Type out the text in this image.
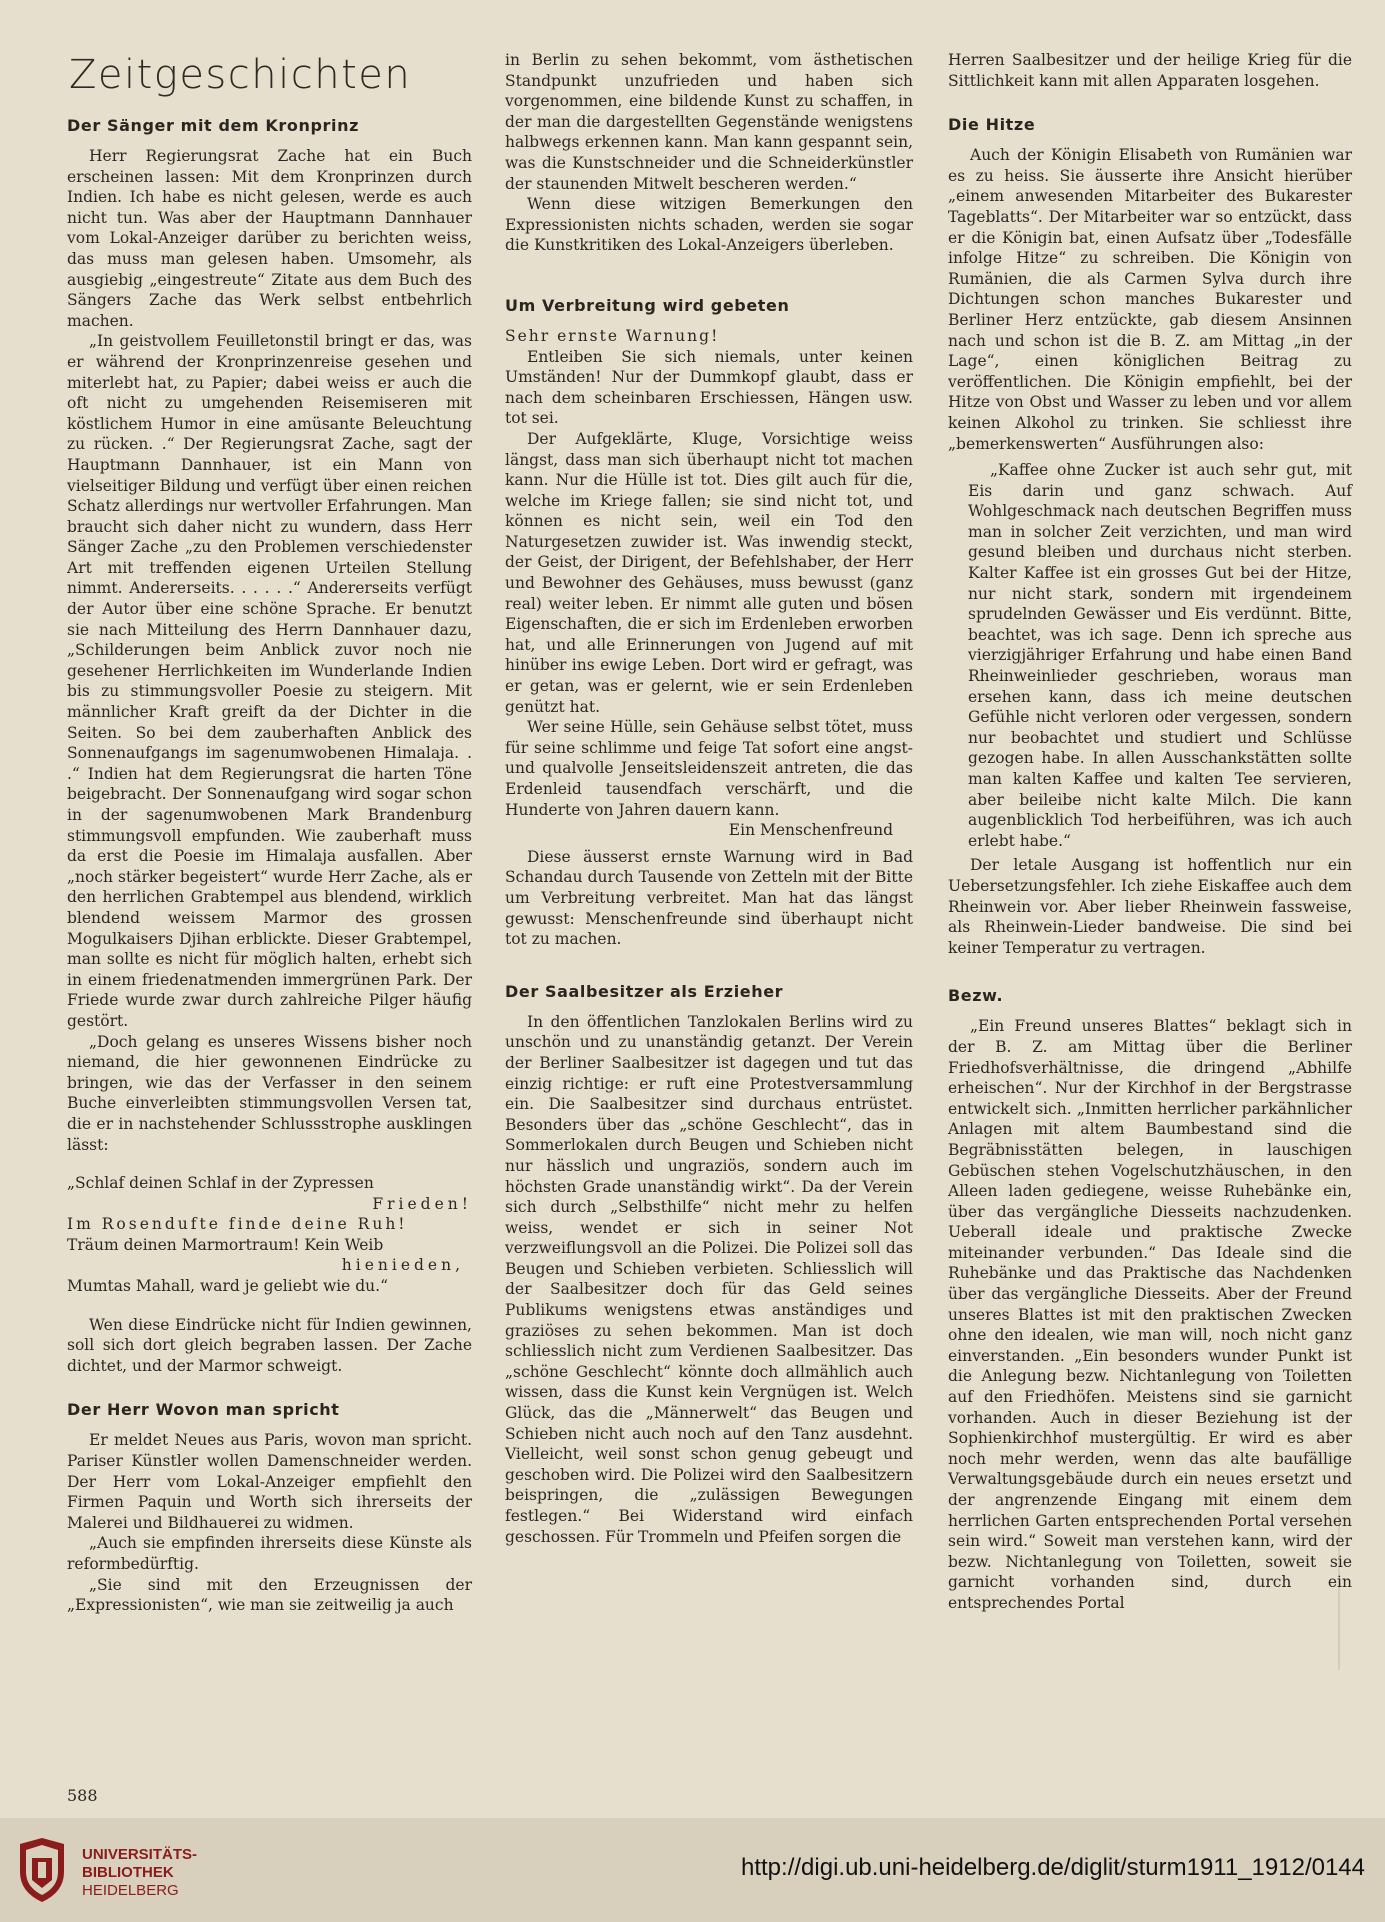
Zeitgeschichten
Der Sänger mit dem Kronprinz

Herr Regierungsrat Zache hat ein Buch erscheinen lassen: Mit dem Kronprinzen durch Indien. Ich habe es nicht gelesen, werde es auch nicht tun. Was aber der Hauptmann Dannhauer vom Lokal-Anzeiger darüber zu berichten weiss, das muss man gelesen haben. Umsomehr, als ausgiebig „eingestreute“ Zitate aus dem Buch des Sängers Zache das Werk selbst entbehrlich machen.

„In geistvollem Feuilletonstil bringt er das, was er während der Kronprinzenreise gesehen und miterlebt hat, zu Papier; dabei weiss er auch die oft nicht zu umgehenden Reisemiseren mit köstlichem Humor in eine amüsante Beleuchtung zu rücken. .“ Der Regierungsrat Zache, sagt der Hauptmann Dannhauer, ist ein Mann von vielseitiger Bildung und verfügt über einen reichen Schatz allerdings nur wertvoller Erfahrungen. Man braucht sich daher nicht zu wundern, dass Herr Sänger Zache „zu den Problemen verschiedenster Art mit treffenden eigenen Urteilen Stellung nimmt. Andererseits. . . . . .“ Andererseits verfügt der Autor über eine schöne Sprache. Er benutzt sie nach Mitteilung des Herrn Dannhauer dazu, „Schilderungen beim Anblick zuvor noch nie gesehener Herrlichkeiten im Wunderlande Indien bis zu stimmungsvoller Poesie zu steigern. Mit männlicher Kraft greift da der Dichter in die Seiten. So bei dem zauberhaften Anblick des Sonnenaufgangs im sagenumwobenen Himalaja. . .“ Indien hat dem Regierungsrat die harten Töne beigebracht. Der Sonnenaufgang wird sogar schon in der sagenumwobenen Mark Brandenburg stimmungsvoll empfunden. Wie zauberhaft muss da erst die Poesie im Himalaja ausfallen. Aber „noch stärker begeistert“ wurde Herr Zache, als er den herrlichen Grabtempel aus blendend, wirklich blendend weissem Marmor des grossen Mogulkaisers Djihan erblickte. Dieser Grabtempel, man sollte es nicht für möglich halten, erhebt sich in einem friedenatmenden immergrünen Park. Der Friede wurde zwar durch zahlreiche Pilger häufig gestört.

„Doch gelang es unseres Wissens bisher noch niemand, die hier gewonnenen Eindrücke zu bringen, wie das der Verfasser in den seinem Buche einverleibten stimmungsvollen Versen tat, die er in nachstehender Schlussstrophe ausklingen lässt:

„Schlaf deinen Schlaf in der Zypressen
Frieden!
Im Rosendufte finde deine Ruh!
Träum deinen Marmortraum! Kein Weib
hienieden,
Mumtas Mahall, ward je geliebt wie du.“

Wen diese Eindrücke nicht für Indien gewinnen, soll sich dort gleich begraben lassen. Der Zache dichtet, und der Marmor schweigt.

Der Herr Wovon man spricht

Er meldet Neues aus Paris, wovon man spricht. Pariser Künstler wollen Damenschneider werden. Der Herr vom Lokal-Anzeiger empfiehlt den Firmen Paquin und Worth sich ihrerseits der Malerei und Bildhauerei zu widmen.

„Auch sie empfinden ihrerseits diese Künste als reformbedürftig.

„Sie sind mit den Erzeugnissen der „Expressionisten“, wie man sie zeitweilig ja auch

in Berlin zu sehen bekommt, vom ästhetischen Standpunkt unzufrieden und haben sich vorgenommen, eine bildende Kunst zu schaffen, in der man die dargestellten Gegenstände wenigstens halbwegs erkennen kann. Man kann gespannt sein, was die Kunstschneider und die Schneiderkünstler der staunenden Mitwelt bescheren werden.“

Wenn diese witzigen Bemerkungen den Expressionisten nichts schaden, werden sie sogar die Kunstkritiken des Lokal-Anzeigers überleben.

Um Verbreitung wird gebeten

Sehr ernste Warnung!

Entleiben Sie sich niemals, unter keinen Umständen! Nur der Dummkopf glaubt, dass er nach dem scheinbaren Erschiessen, Hängen usw. tot sei.

Der Aufgeklärte, Kluge, Vorsichtige weiss längst, dass man sich überhaupt nicht tot machen kann. Nur die Hülle ist tot. Dies gilt auch für die, welche im Kriege fallen; sie sind nicht tot, und können es nicht sein, weil ein Tod den Naturgesetzen zuwider ist. Was inwendig steckt, der Geist, der Dirigent, der Befehlshaber, der Herr und Bewohner des Gehäuses, muss bewusst (ganz real) weiter leben. Er nimmt alle guten und bösen Eigenschaften, die er sich im Erdenleben erworben hat, und alle Erinnerungen von Jugend auf mit hinüber ins ewige Leben. Dort wird er gefragt, was er getan, was er gelernt, wie er sein Erdenleben genützt hat.

Wer seine Hülle, sein Gehäuse selbst tötet, muss für seine schlimme und feige Tat sofort eine angst- und qualvolle Jenseitsleidenszeit antreten, die das Erdenleid tausendfach verschärft, und die Hunderte von Jahren dauern kann.

Ein Menschenfreund

Diese äusserst ernste Warnung wird in Bad Schandau durch Tausende von Zetteln mit der Bitte um Verbreitung verbreitet. Man hat das längst gewusst: Menschenfreunde sind überhaupt nicht tot zu machen.

Der Saalbesitzer als Erzieher

In den öffentlichen Tanzlokalen Berlins wird zu unschön und zu unanständig getanzt. Der Verein der Berliner Saalbesitzer ist dagegen und tut das einzig richtige: er ruft eine Protestversammlung ein. Die Saalbesitzer sind durchaus entrüstet. Besonders über das „schöne Geschlecht“, das in Sommerlokalen durch Beugen und Schieben nicht nur hässlich und ungraziös, sondern auch im höchsten Grade unanständig wirkt“. Da der Verein sich durch „Selbsthilfe“ nicht mehr zu helfen weiss, wendet er sich in seiner Not verzweiflungsvoll an die Polizei. Die Polizei soll das Beugen und Schieben verbieten. Schliesslich will der Saalbesitzer doch für das Geld seines Publikums wenigstens etwas anständiges und graziöses zu sehen bekommen. Man ist doch schliesslich nicht zum Verdienen Saalbesitzer. Das „schöne Geschlecht“ könnte doch allmählich auch wissen, dass die Kunst kein Vergnügen ist. Welch Glück, das die „Männerwelt“ das Beugen und Schieben nicht auch noch auf den Tanz ausdehnt. Vielleicht, weil sonst schon genug gebeugt und geschoben wird. Die Polizei wird den Saalbesitzern beispringen, die „zulässigen Bewegungen festlegen.“ Bei Widerstand wird einfach geschossen. Für Trommeln und Pfeifen sorgen die

Herren Saalbesitzer und der heilige Krieg für die Sittlichkeit kann mit allen Apparaten losgehen.

Die Hitze

Auch der Königin Elisabeth von Rumänien war es zu heiss. Sie äusserte ihre Ansicht hierüber „einem anwesenden Mitarbeiter des Bukarester Tageblatts“. Der Mitarbeiter war so entzückt, dass er die Königin bat, einen Aufsatz über „Todesfälle infolge Hitze“ zu schreiben. Die Königin von Rumänien, die als Carmen Sylva durch ihre Dichtungen schon manches Bukarester und Berliner Herz entzückte, gab diesem Ansinnen nach und schon ist die B. Z. am Mittag „in der Lage“, einen königlichen Beitrag zu veröffentlichen. Die Königin empfiehlt, bei der Hitze von Obst und Wasser zu leben und vor allem keinen Alkohol zu trinken. Sie schliesst ihre „bemerkenswerten“ Ausführungen also:

„Kaffee ohne Zucker ist auch sehr gut, mit Eis darin und ganz schwach. Auf Wohlgeschmack nach deutschen Begriffen muss man in solcher Zeit verzichten, und man wird gesund bleiben und durchaus nicht sterben. Kalter Kaffee ist ein grosses Gut bei der Hitze, nur nicht stark, sondern mit irgendeinem sprudelnden Gewässer und Eis verdünnt. Bitte, beachtet, was ich sage. Denn ich spreche aus vierzigjähriger Erfahrung und habe einen Band Rheinweinlieder geschrieben, woraus man ersehen kann, dass ich meine deutschen Gefühle nicht verloren oder vergessen, sondern nur beobachtet und studiert und Schlüsse gezogen habe. In allen Ausschankstätten sollte man kalten Kaffee und kalten Tee servieren, aber beileibe nicht kalte Milch. Die kann augenblicklich Tod herbeiführen, was ich auch erlebt habe.“

Der letale Ausgang ist hoffentlich nur ein Uebersetzungsfehler. Ich ziehe Eiskaffee auch dem Rheinwein vor. Aber lieber Rheinwein fassweise, als Rheinwein-Lieder bandweise. Die sind bei keiner Temperatur zu vertragen.

Bezw.

„Ein Freund unseres Blattes“ beklagt sich in der B. Z. am Mittag über die Berliner Friedhofsverhältnisse, die dringend „Abhilfe erheischen“. Nur der Kirchhof in der Bergstrasse entwickelt sich. „Inmitten herrlicher parkähnlicher Anlagen mit altem Baumbestand sind die Begräbnisstätten belegen, in lauschigen Gebüschen stehen Vogelschutzhäuschen, in den Alleen laden gediegene, weisse Ruhebänke ein, über das vergängliche Diesseits nachzudenken. Ueberall ideale und praktische Zwecke miteinander verbunden.“ Das Ideale sind die Ruhebänke und das Praktische das Nachdenken über das vergängliche Diesseits. Aber der Freund unseres Blattes ist mit den praktischen Zwecken ohne den idealen, wie man will, noch nicht ganz einverstanden. „Ein besonders wunder Punkt ist die Anlegung bezw. Nichtanlegung von Toiletten auf den Friedhöfen. Meistens sind sie garnicht vorhanden. Auch in dieser Beziehung ist der Sophienkirchhof mustergültig. Er wird es aber noch mehr werden, wenn das alte baufällige Verwaltungsgebäude durch ein neues ersetzt und der angrenzende Eingang mit einem dem herrlichen Garten entsprechenden Portal versehen sein wird.“ Soweit man verstehen kann, wird der bezw. Nichtanlegung von Toiletten, soweit sie garnicht vorhanden sind, durch ein entsprechendes Portal

588
UNIVERSITÄTS-
BIBLIOTHEK
HEIDELBERG
http://digi.ub.uni-heidelberg.de/diglit/sturm1911_1912/0144
